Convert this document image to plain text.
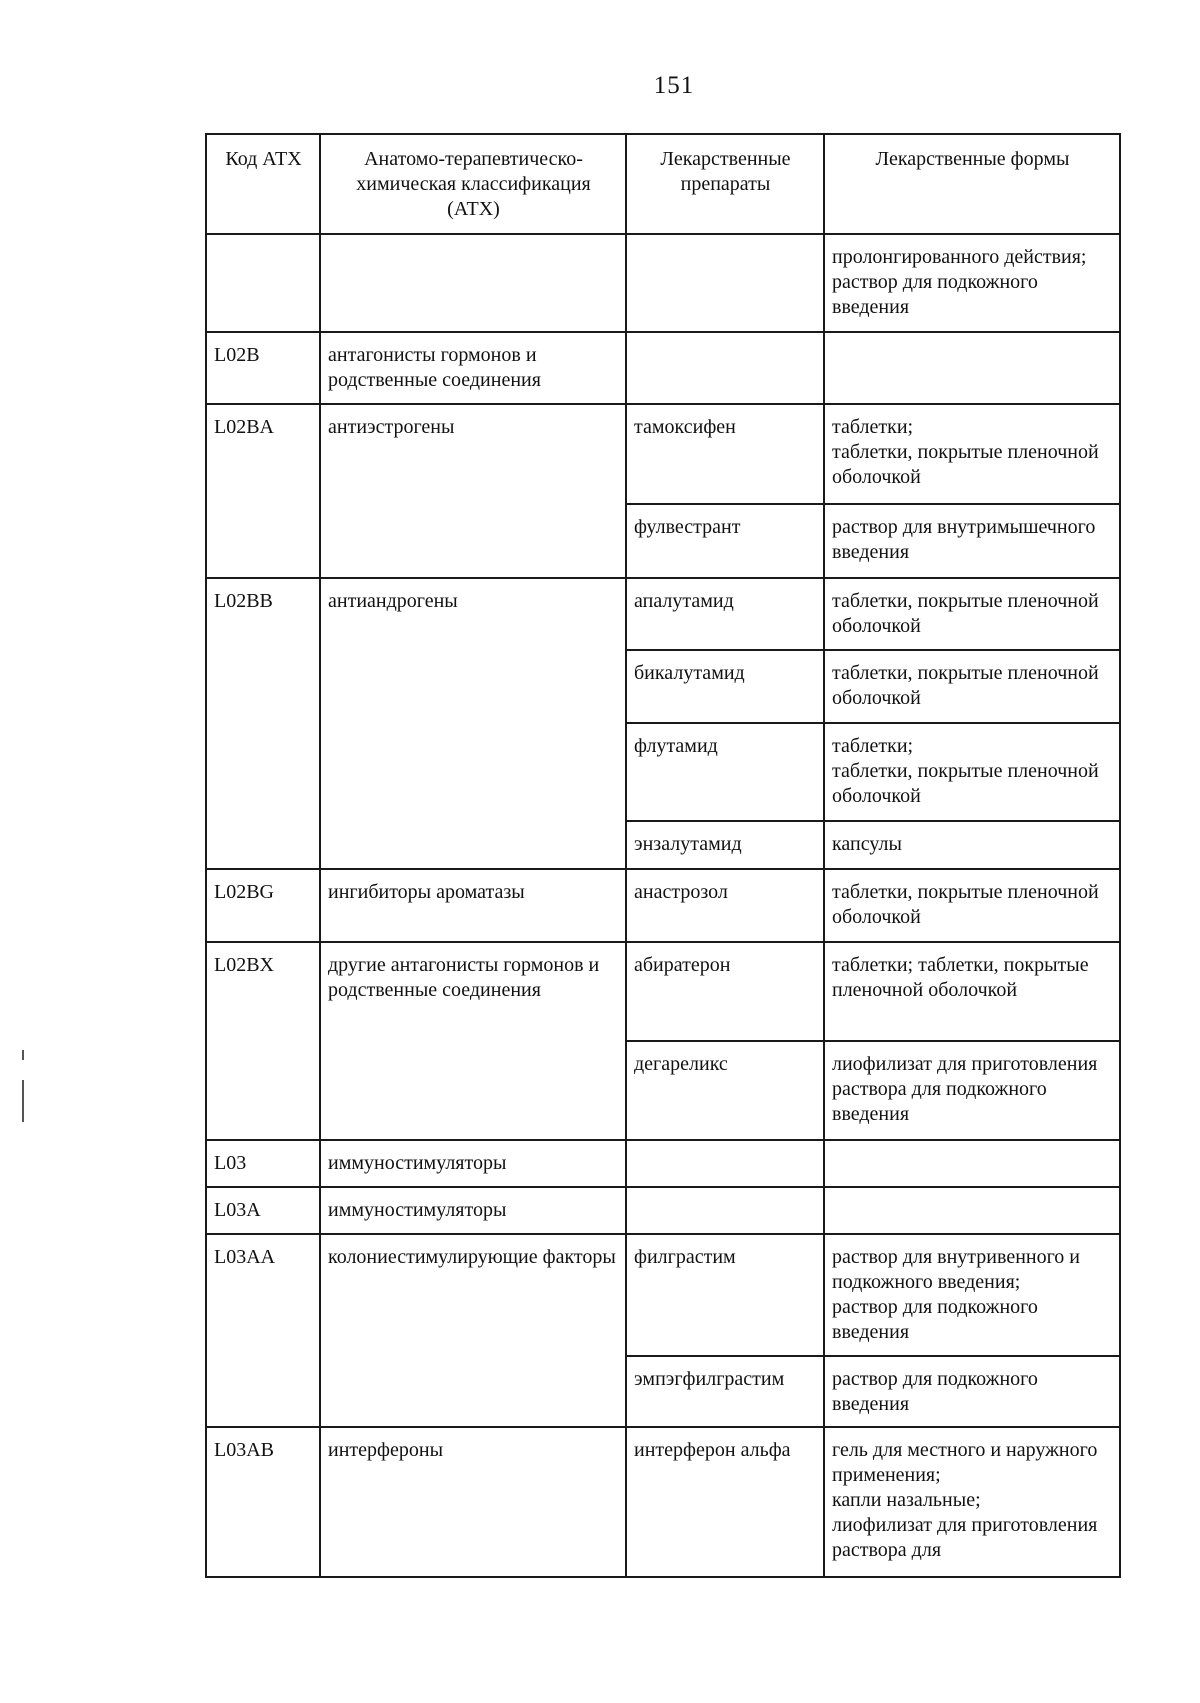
151
Код АТХ	Анатомо-терапевтическо-химическая классификация (АТХ)	Лекарственные препараты	Лекарственные формы
			пролонгированного действия; раствор для подкожного введения
L02B	антагонисты гормонов и родственные соединения		
L02BA	антиэстрогены	тамоксифен	таблетки;
таблетки, покрытые пленочной оболочкой
		фулвестрант	раствор для внутримышечного введения
L02BB	антиандрогены	апалутамид	таблетки, покрытые пленочной оболочкой
		бикалутамид	таблетки, покрытые пленочной оболочкой
		флутамид	таблетки;
таблетки, покрытые пленочной оболочкой
		энзалутамид	капсулы
L02BG	ингибиторы ароматазы	анастрозол	таблетки, покрытые пленочной оболочкой
L02BX	другие антагонисты гормонов и родственные соединения	абиратерон	таблетки; таблетки, покрытые пленочной оболочкой
		дегареликс	лиофилизат для приготовления раствора для подкожного введения
L03	иммуностимуляторы		
L03A	иммуностимуляторы		
L03AA	колониестимулирующие факторы	филграстим	раствор для внутривенного и подкожного введения;
раствор для подкожного введения
		эмпэгфилграстим	раствор для подкожного введения
L03AB	интерфероны	интерферон альфа	гель для местного и наружного применения;
капли назальные;
лиофилизат для приготовления раствора для
